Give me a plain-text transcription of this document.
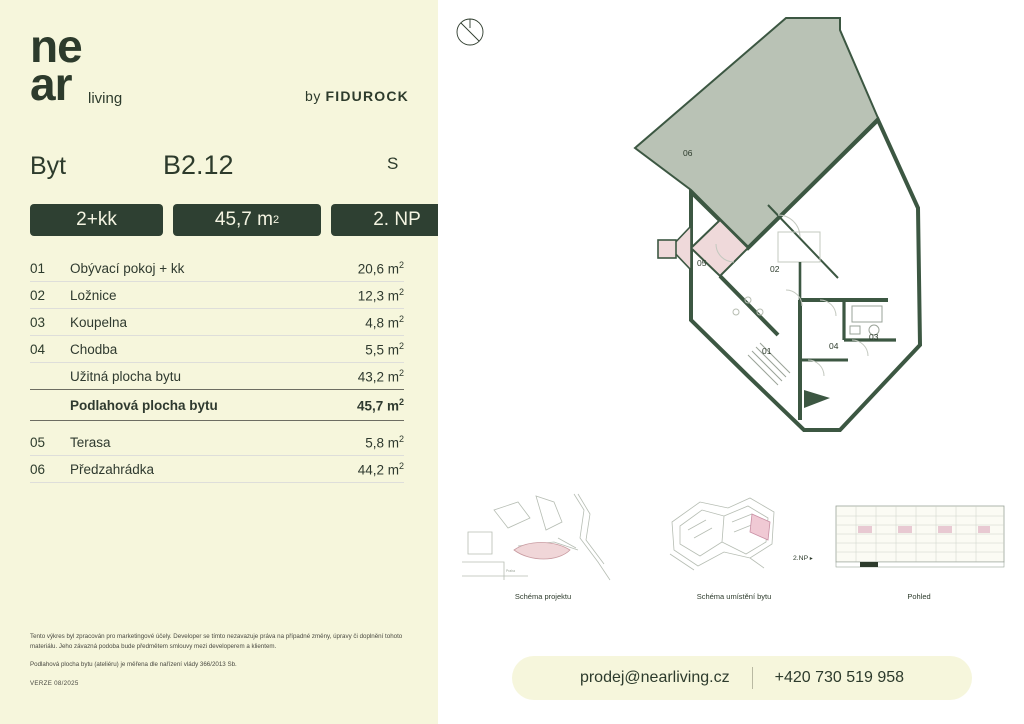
ne
ar	living	by FIDUROCK
Byt	B2.12	S
2+kk	45,7 m 2	2. NP
01	Obývací pokoj + kk	20,6 $m^2$
02	Ložnice	12,3 $m^2$
03	Koupelna	4,8 $m^2$
04	Chodba	5,5 $m^2$
Užitná plocha bytu	43,2 $m^2$
Podlahová plocha bytu	45,7 $m^2$
05	Terasa	5,8 $m^2$
06	Předzahrádka	44,2 $m^2$

Tento výkres byl zpracován pro marketingové účely. Developer se tímto nezavazuje práva na případné změny, úpravy či doplnění tohoto materiálu. Jeho závazná podoba bude předmětem smlouvy mezi developerem a klientem.

Podlahová plocha bytu (ateliéru) je měřena dle nařízení vlády 366/2013 Sb.

VERZE 08/2025

06
05
02
01	04
03
Praha
Schéma projektu	Schéma umístění bytu	Pohled
2.NP ▸
prodej@nearliving.cz	+420 730 519 958
